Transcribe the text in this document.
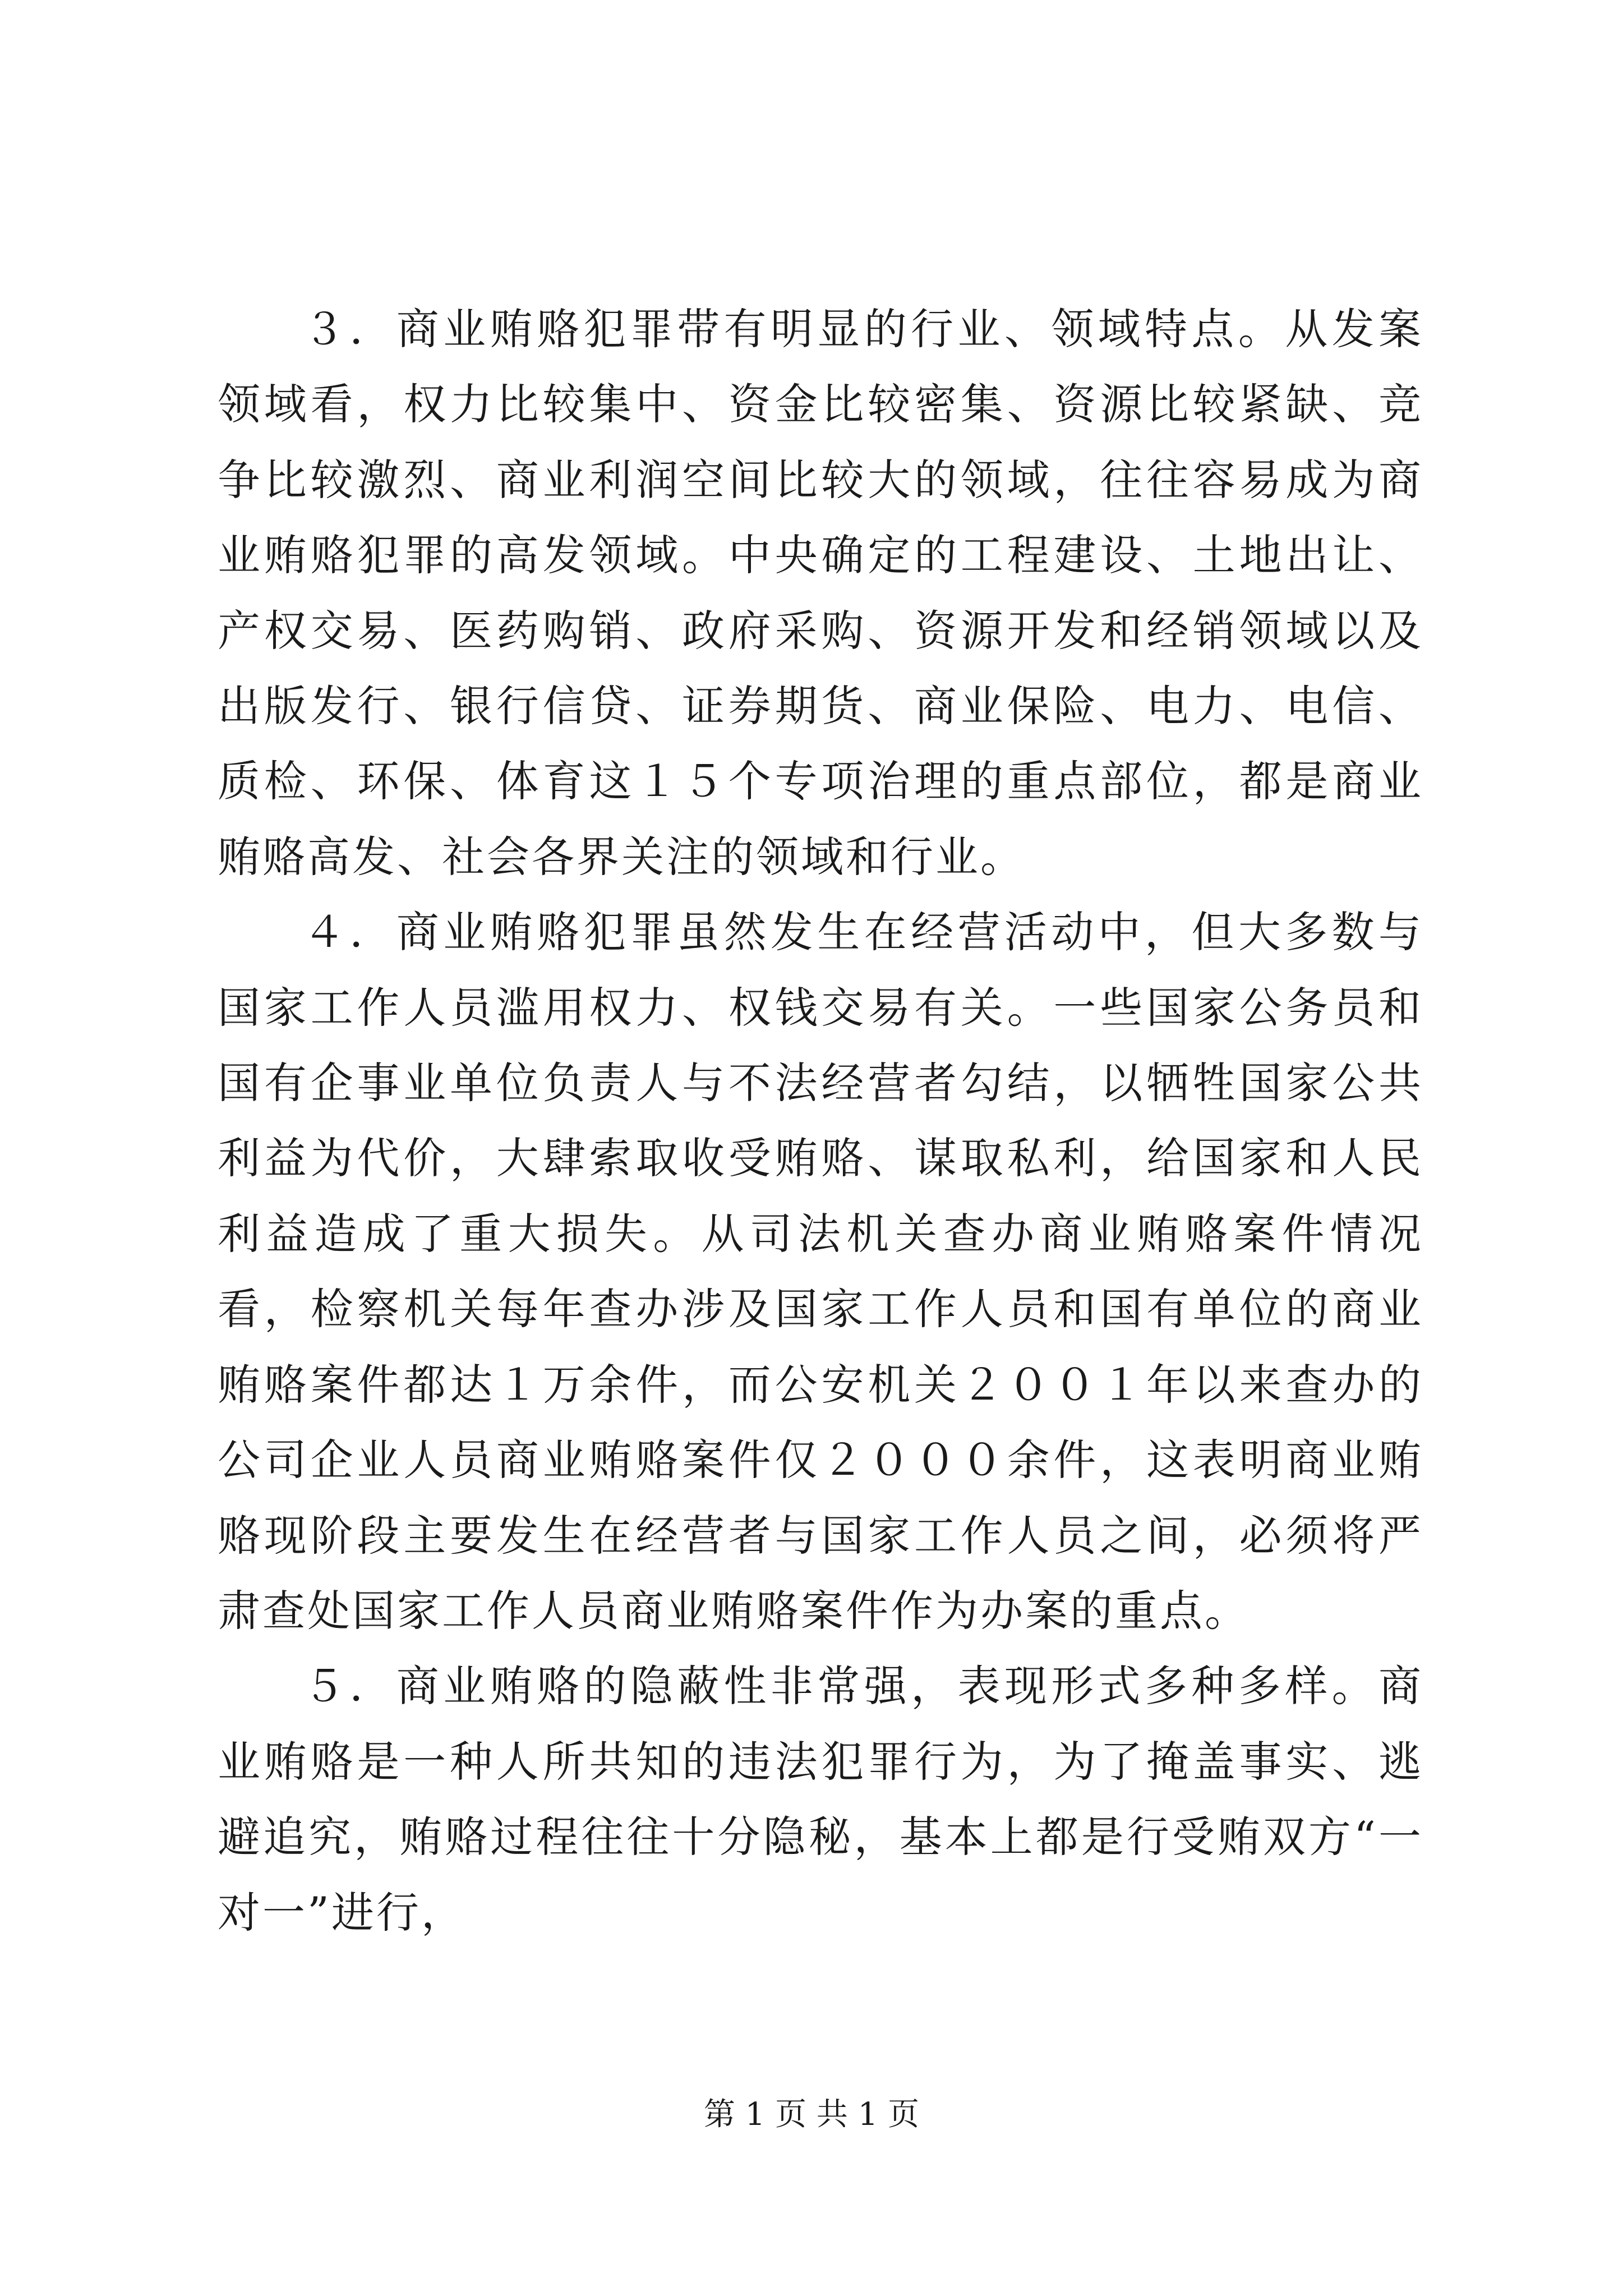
３．商业贿赂犯罪带有明显的行业、领域特点。从发案领域看，权力比较集中、资金比较密集、资源比较紧缺、竞争比较激烈、商业利润空间比较大的领域，往往容易成为商业贿赂犯罪的高发领域。中央确定的工程建设、土地出让、产权交易、医药购销、政府采购、资源开发和经销领域以及出版发行、银行信贷、证券期货、商业保险、电力、电信、质检、环保、体育这１５个专项治理的重点部位，都是商业贿赂高发、社会各界关注的领域和行业。

４．商业贿赂犯罪虽然发生在经营活动中，但大多数与国家工作人员滥用权力、权钱交易有关。一些国家公务员和国有企事业单位负责人与不法经营者勾结，以牺牲国家公共利益为代价，大肆索取收受贿赂、谋取私利，给国家和人民利益造成了重大损失。从司法机关查办商业贿赂案件情况看，检察机关每年查办涉及国家工作人员和国有单位的商业贿赂案件都达１万余件，而公安机关２００１年以来查办的公司企业人员商业贿赂案件仅２０００余件，这表明商业贿赂现阶段主要发生在经营者与国家工作人员之间，必须将严肃查处国家工作人员商业贿赂案件作为办案的重点。

５．商业贿赂的隐蔽性非常强，表现形式多种多样。商业贿赂是一种人所共知的违法犯罪行为，为了掩盖事实、逃避追究，贿赂过程往往十分隐秘，基本上都是行受贿双方“一对一”进行，

第 1 页 共 1 页
